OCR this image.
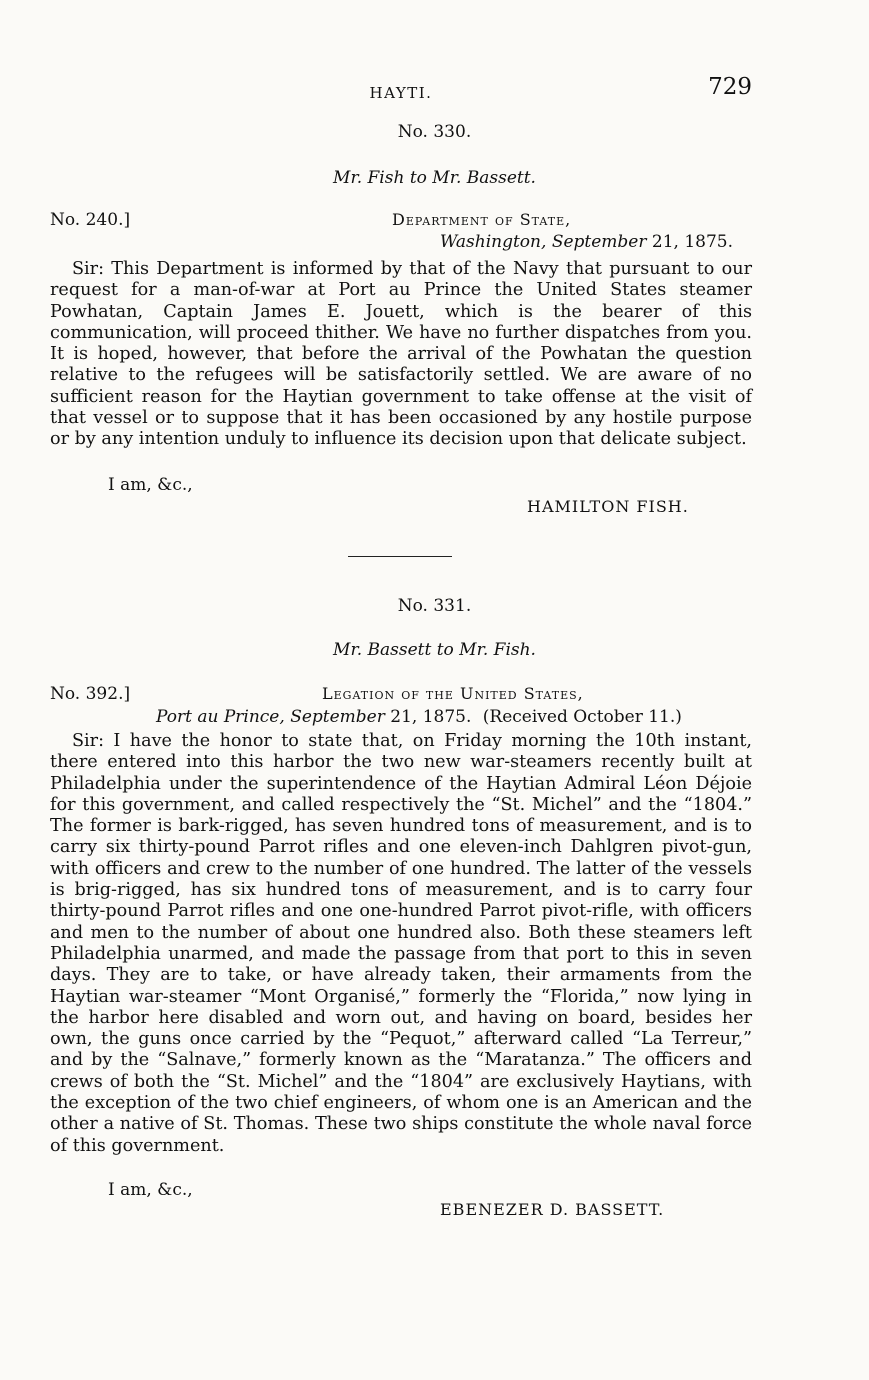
HAYTI.	729
No. 330.
Mr. Fish to Mr. Bassett.
No. 240.]	Department of State,
Washington, September 21, 1875.

Sir: This Department is informed by that of the Navy that pursuant to our request for a man-of-war at Port au Prince the United States steamer Powhatan, Captain James E. Jouett, which is the bearer of this communication, will proceed thither. We have no further dispatches from you. It is hoped, however, that before the arrival of the Powhatan the question relative to the refugees will be satisfactorily settled. We are aware of no sufficient reason for the Haytian government to take offense at the visit of that vessel or to suppose that it has been occasioned by any hostile purpose or by any intention unduly to influence its decision upon that delicate subject.

I am, &c.,
HAMILTON FISH.
No. 331.
Mr. Bassett to Mr. Fish.
No. 392.]	Legation of the United States,
Port au Prince, September 21, 1875. (Received October 11.)

Sir: I have the honor to state that, on Friday morning the 10th instant, there entered into this harbor the two new war-steamers recently built at Philadelphia under the superintendence of the Haytian Admiral Léon Déjoie for this government, and called respectively the “St. Michel” and the “1804.” The former is bark-rigged, has seven hundred tons of measurement, and is to carry six thirty-pound Parrot rifles and one eleven-inch Dahlgren pivot-gun, with officers and crew to the number of one hundred. The latter of the vessels is brig-rigged, has six hundred tons of measurement, and is to carry four thirty-pound Parrot rifles and one one-hundred Parrot pivot-rifle, with officers and men to the number of about one hundred also. Both these steamers left Philadelphia unarmed, and made the passage from that port to this in seven days. They are to take, or have already taken, their armaments from the Haytian war-steamer “Mont Organisé,” formerly the “Florida,” now lying in the harbor here disabled and worn out, and having on board, besides her own, the guns once carried by the “Pequot,” afterward called “La Terreur,” and by the “Salnave,” formerly known as the “Maratanza.” The officers and crews of both the “St. Michel” and the “1804” are exclusively Haytians, with the exception of the two chief engineers, of whom one is an American and the other a native of St. Thomas. These two ships constitute the whole naval force of this government.

I am, &c.,
EBENEZER D. BASSETT.
